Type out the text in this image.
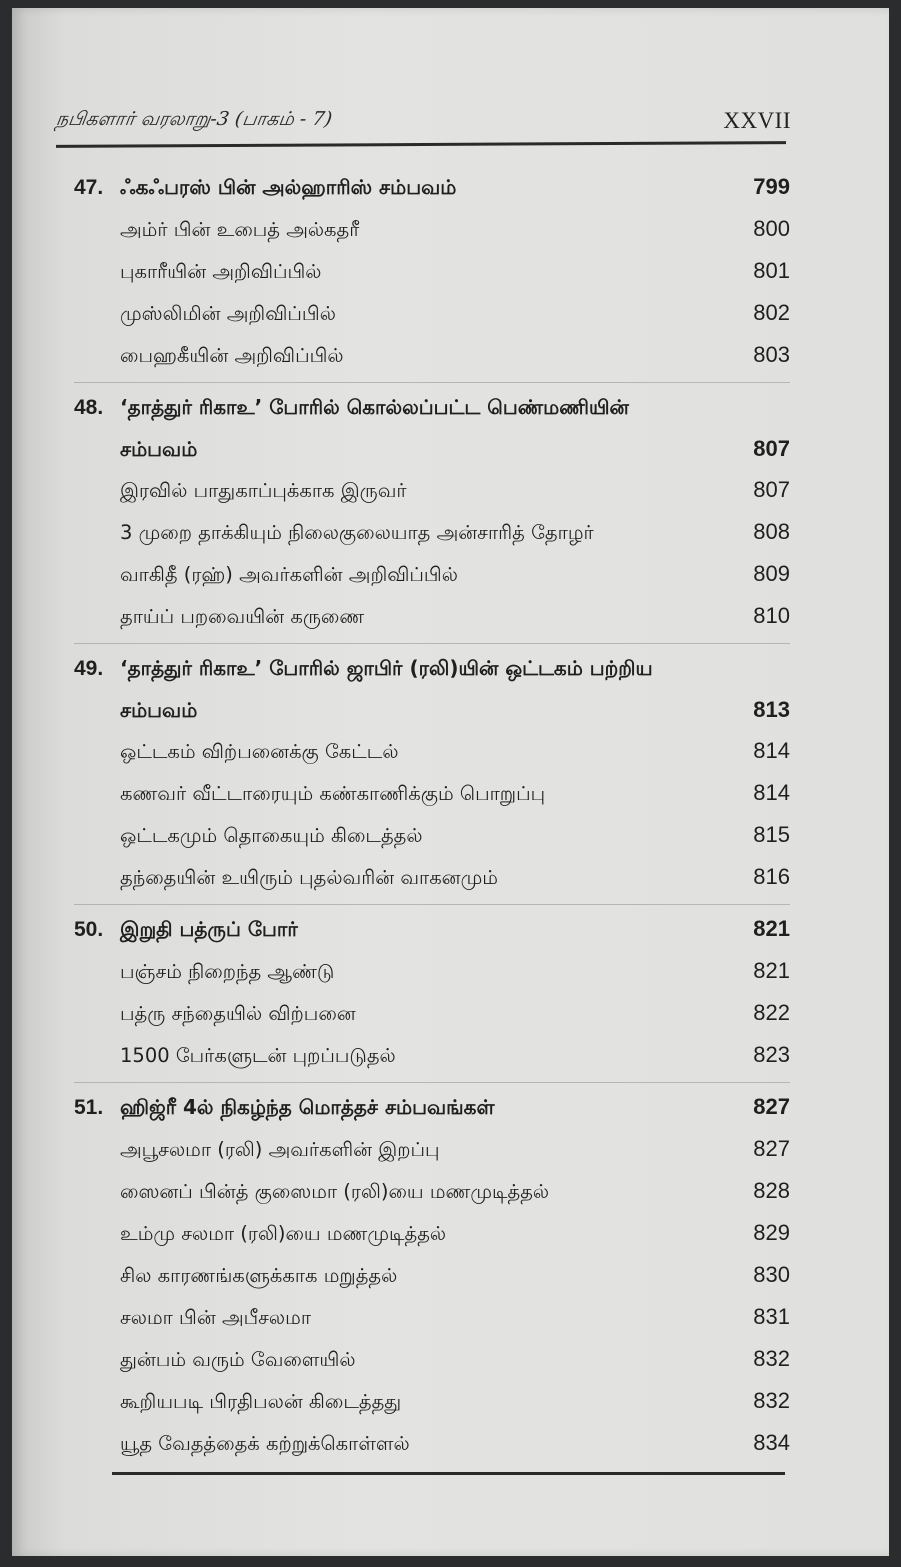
நபிகளார் வரலாறு-3 (பாகம் - 7)	XXVII
47. ஃகஃபரஸ் பின் அல்ஹாரிஸ் சம்பவம்	799
அம்ர் பின் உபைத் அல்கதரீ	800
புகாரீயின் அறிவிப்பில்	801
முஸ்லிமின் அறிவிப்பில்	802
பைஹகீயின் அறிவிப்பில்	803
48. ‘தாத்துர் ரிகாஉ’ போரில் கொல்லப்பட்ட பெண்மணியின்
சம்பவம்	807
இரவில் பாதுகாப்புக்காக இருவர்	807
3 முறை தாக்கியும் நிலைகுலையாத அன்சாரித் தோழர்	808
வாகிதீ (ரஹ்) அவர்களின் அறிவிப்பில்	809
தாய்ப் பறவையின் கருணை	810
49. ‘தாத்துர் ரிகாஉ’ போரில் ஜாபிர் (ரலி)யின் ஒட்டகம் பற்றிய
சம்பவம்	813
ஒட்டகம் விற்பனைக்கு கேட்டல்	814
கணவர் வீட்டாரையும் கண்காணிக்கும் பொறுப்பு	814
ஒட்டகமும் தொகையும் கிடைத்தல்	815
தந்தையின் உயிரும் புதல்வரின் வாகனமும்	816
50. இறுதி பத்ருப் போர்	821
பஞ்சம் நிறைந்த ஆண்டு	821
பத்ரு சந்தையில் விற்பனை	822
1500 பேர்களுடன் புறப்படுதல்	823
51. ஹிஜ்ரீ 4ல் நிகழ்ந்த மொத்தச் சம்பவங்கள்	827
அபூசலமா (ரலி) அவர்களின் இறப்பு	827
ஸைனப் பின்த் குஸைமா (ரலி)யை மணமுடித்தல்	828
உம்மு சலமா (ரலி)யை மணமுடித்தல்	829
சில காரணங்களுக்காக மறுத்தல்	830
சலமா பின் அபீசலமா	831
துன்பம் வரும் வேளையில்	832
கூறியபடி பிரதிபலன் கிடைத்தது	832
யூத வேதத்தைக் கற்றுக்கொள்ளல்	834
